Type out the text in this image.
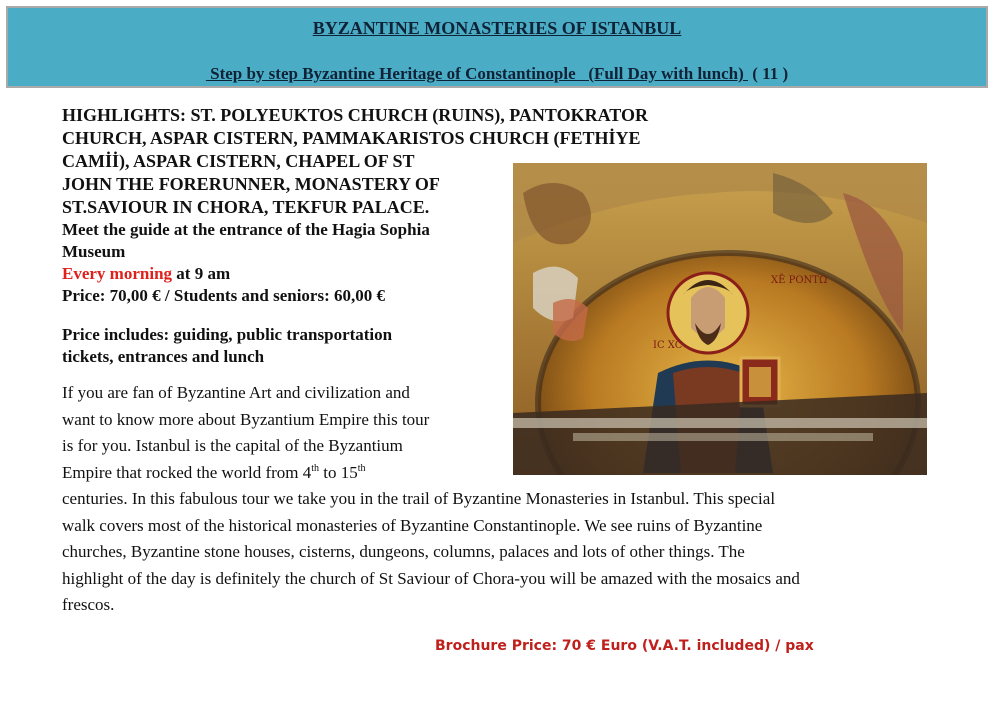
BYZANTINE MONASTERIES OF ISTANBUL
Step by step Byzantine Heritage of Constantinople   (Full Day with lunch)  ( 11 )
HIGHLIGHTS: ST. POLYEUKTOS CHURCH (RUINS), PANTOKRATOR
CHURCH, ASPAR CISTERN, PAMMAKARISTOS CHURCH (FETHİYE
CAMİİ), ASPAR CISTERN, CHAPEL OF ST
JOHN THE FORERUNNER, MONASTERY OF
ST.SAVIOUR IN CHORA, TEKFUR PALACE.
Meet the guide at the entrance of the Hagia Sophia
Museum
Every morning at 9 am
Price: 70,00 € / Students and seniors: 60,00 €
Price includes: guiding, public transportation
tickets, entrances and lunch
If you are fan of Byzantine Art and civilization and
want to know more about Byzantium Empire this tour
is for you. Istanbul is the capital of the Byzantium
Empire that rocked the world from 4th to 15th
centuries. In this fabulous tour we take you in the trail of Byzantine Monasteries in Istanbul. This special
walk covers most of the historical monasteries of Byzantine Constantinople. We see ruins of Byzantine
churches, Byzantine stone houses, cisterns, dungeons, columns, palaces and lots of other things. The
highlight of the day is definitely the church of St Saviour of Chora-you will be amazed with the mosaics and
frescos.
Brochure Price: 70 € Euro (V.A.T. included) / pax
IC XC
XĒ ΡΟΝΤΩ
